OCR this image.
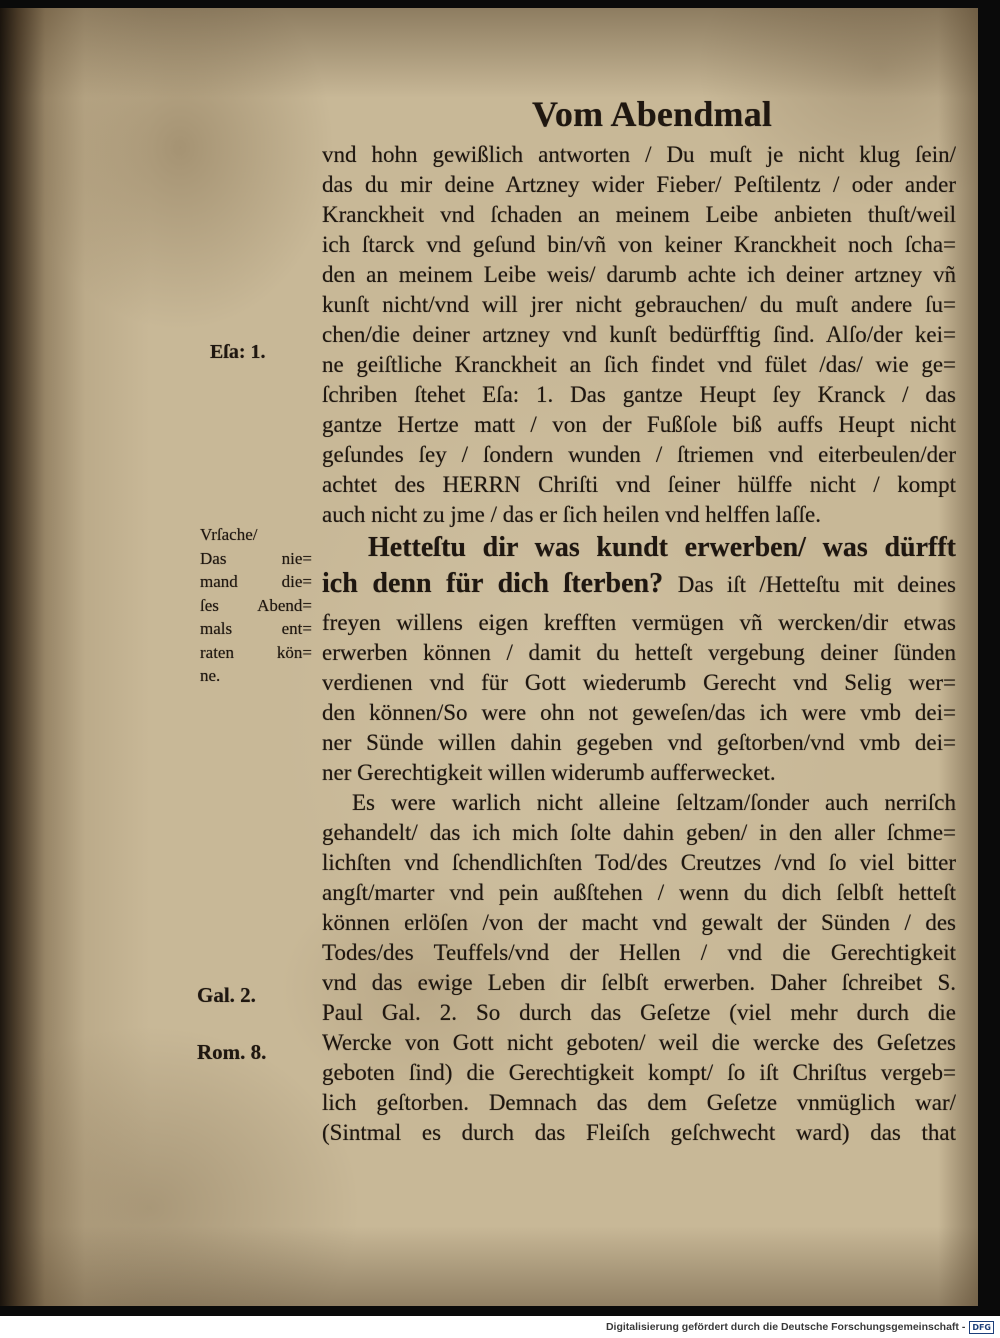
Vom Abendmal
vnd hohn gewißlich antworten / Du muſt je nicht klug ſein/
das du mir deine Artzney wider Fieber/ Peſtilentz / oder ander
Kranckheit vnd ſchaden an meinem Leibe anbieten thuſt/weil
ich ſtarck vnd geſund bin/vñ von keiner Kranckheit noch ſcha=
den an meinem Leibe weis/ darumb achte ich deiner artzney vñ
kunſt nicht/vnd will jrer nicht gebrauchen/ du muſt andere ſu=
chen/die deiner artzney vnd kunſt bedürfftig ſind. Alſo/der kei=
ne geiſtliche Kranckheit an ſich findet vnd fület /das/ wie ge=
ſchriben ſtehet Eſa: 1. Das gantze Heupt ſey Kranck / das
gantze Hertze matt / von der Fußſole biß auffs Heupt nicht
geſundes ſey / ſondern wunden / ſtriemen vnd eiterbeulen/der
achtet des HERRN Chriſti vnd ſeiner hülffe nicht / kompt
auch nicht zu jme / das er ſich heilen vnd helffen laſſe.
Hetteſtu dir was kundt erwerben/ was dürfft
ich denn für dich ſterben? Das iſt /Hetteſtu mit deines
freyen willens eigen krefften vermügen vñ wercken/dir etwas
erwerben können / damit du hetteſt vergebung deiner ſünden
verdienen vnd für Gott wiederumb Gerecht vnd Selig wer=
den können/So were ohn not geweſen/das ich were vmb dei=
ner Sünde willen dahin gegeben vnd geſtorben/vnd vmb dei=
ner Gerechtigkeit willen widerumb aufferwecket.
Es were warlich nicht alleine ſeltzam/ſonder auch nerriſch
gehandelt/ das ich mich ſolte dahin geben/ in den aller ſchme=
lichſten vnd ſchendlichſten Tod/des Creutzes /vnd ſo viel bitter
angſt/marter vnd pein außſtehen / wenn du dich ſelbſt hetteſt
können erlöſen /von der macht vnd gewalt der Sünden / des
Todes/des Teuffels/vnd der Hellen / vnd die Gerechtigkeit
vnd das ewige Leben dir ſelbſt erwerben. Daher ſchreibet S.
Paul Gal. 2. So durch das Geſetze (viel mehr durch die
Wercke von Gott nicht geboten/ weil die wercke des Geſetzes
geboten ſind) die Gerechtigkeit kompt/ ſo iſt Chriſtus vergeb=
lich geſtorben. Demnach das dem Geſetze vnmüglich war/
(Sintmal es durch das Fleiſch geſchwecht ward) das that
Eſa: 1.
Vrſache/
Das nie=
mand die=
ſes Abend=
mals ent=
raten kön=
ne.
Gal. 2.
Rom. 8.
Digitalisierung gefördert durch die Deutsche Forschungsgemeinschaft - DFG
